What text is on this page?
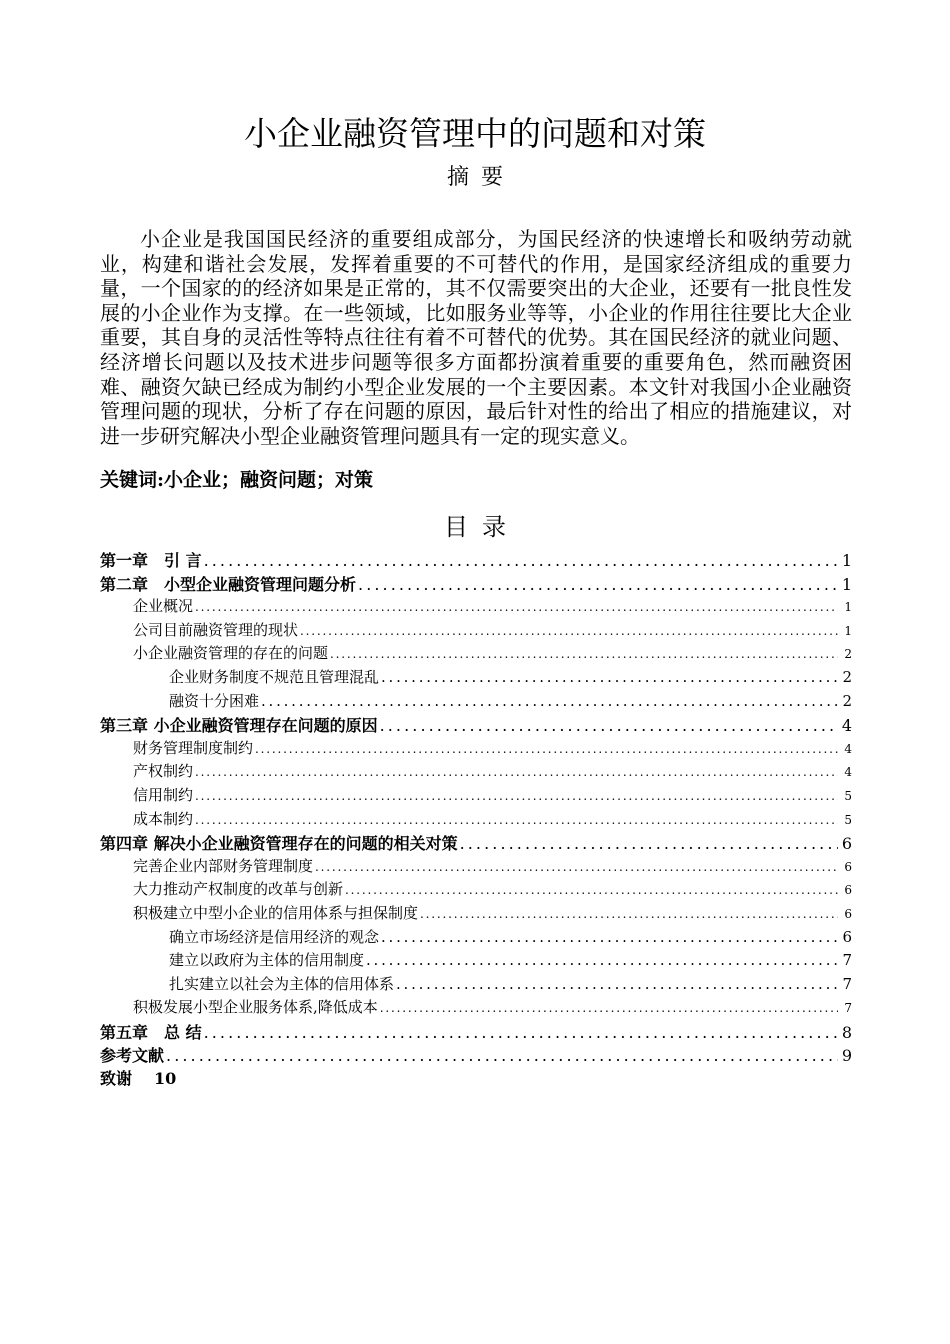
小企业融资管理中的问题和对策
摘要

小企业是我国国民经济的重要组成部分，为国民经济的快速增长和吸纳劳动就业，构建和谐社会发展，发挥着重要的不可替代的作用，是国家经济组成的重要力量，一个国家的的经济如果是正常的，其不仅需要突出的大企业，还要有一批良性发展的小企业作为支撑。在一些领域，比如服务业等等，小企业的作用往往要比大企业重要，其自身的灵活性等特点往往有着不可替代的优势。其在国民经济的就业问题、经济增长问题以及技术进步问题等很多方面都扮演着重要的重要角色，然而融资困难、融资欠缺已经成为制约小型企业发展的一个主要因素。本文针对我国小企业融资管理问题的现状，分析了存在问题的原因，最后针对性的给出了相应的措施建议，对进一步研究解决小型企业融资管理问题具有一定的现实意义。

关键词:小企业；融资问题；对策
目录
第一章　引 言 . . .	1
第二章　小型企业融资管理问题分析 . . .	1
企业概况 . . .	1
公司目前融资管理的现状 . . .	1
小企业融资管理的存在的问题 . . .	2
企业财务制度不规范且管理混乱 . . .	2
融资十分困难 . . .	2
第三章 小企业融资管理存在问题的原因 . . .	4
财务管理制度制约 . . .	4
产权制约 . . .	4
信用制约 . . .	5
成本制约 . . .	5
第四章 解决小企业融资管理存在的问题的相关对策 . . .	6
完善企业内部财务管理制度 . . .	6
大力推动产权制度的改革与创新 . . .	6
积极建立中型小企业的信用体系与担保制度 . . .	6
确立市场经济是信用经济的观念 . . .	6
建立以政府为主体的信用制度 . . .	7
扎实建立以社会为主体的信用体系 . . .	7
积极发展小型企业服务体系,降低成本 . . .	7
第五章　总 结 . . .	8
参考文献 . . .	9
致谢 10
